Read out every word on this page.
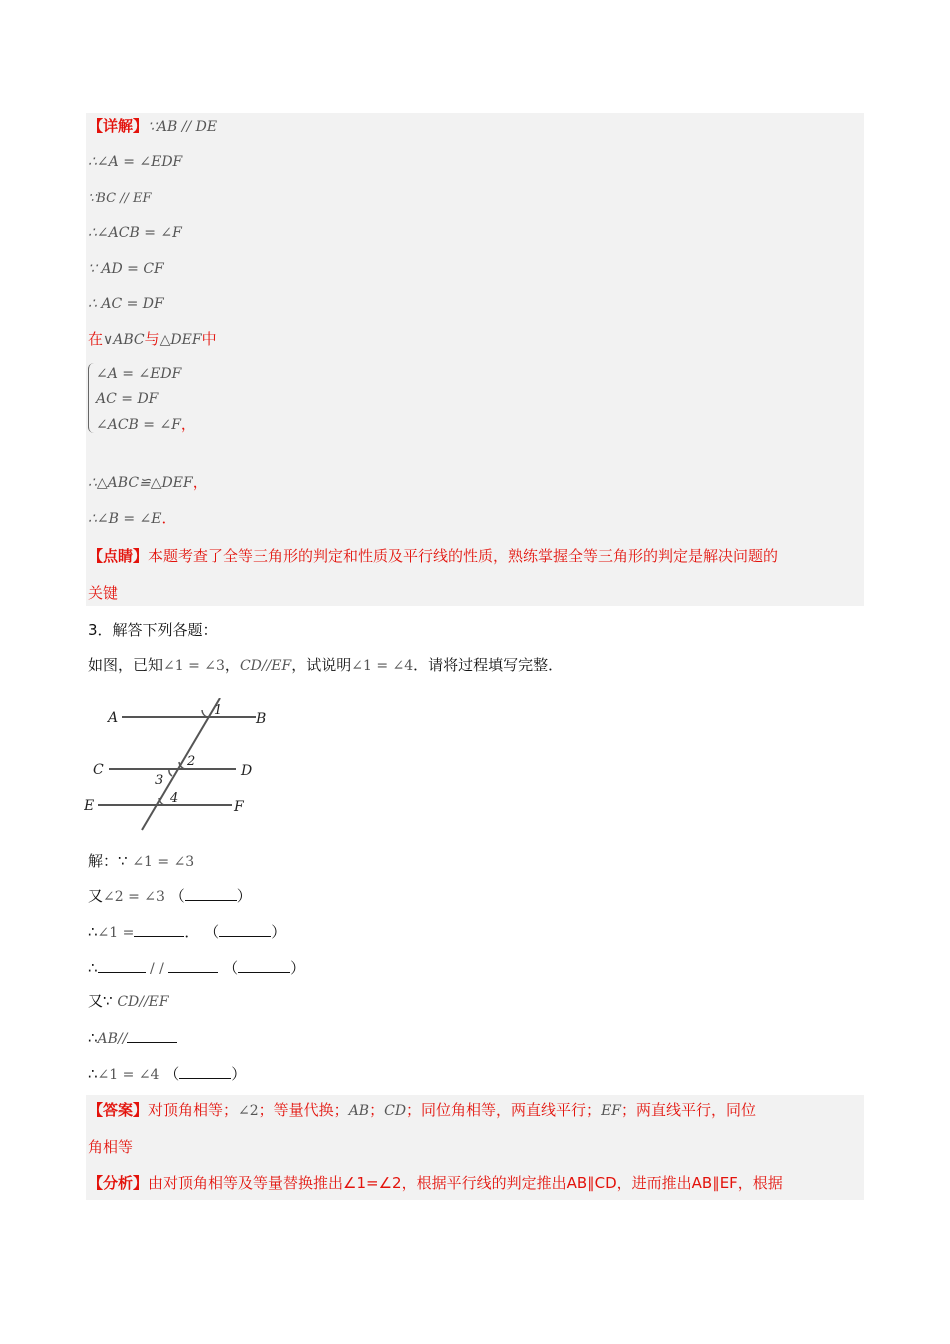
【详解】∵AB // DE
∴∠A = ∠EDF
∵BC // EF
∴∠ACB = ∠F
∵ AD = CF
∴ AC = DF
在∨ABC与△DEF中
∠A = ∠EDF
AC = DF
∠ACB = ∠F，
∴△ABC≌△DEF，
∴∠B = ∠E．
【点睛】本题考查了全等三角形的判定和性质及平行线的性质，熟练掌握全等三角形的判定是解决问题的
关键
3．解答下列各题：
如图，已知∠1 = ∠3，CD//EF，试说明∠1 = ∠4．请将过程填写完整．
A	B
C	D
E	F
1
2
3
4
解：∵ ∠1 = ∠3
又∠2 = ∠3 （	）
∴∠1 =	． （	）
∴	/ /	（	）
又∵ CD//EF
∴AB//
∴∠1 = ∠4 （	）
【答案】对顶角相等；∠2；等量代换；AB；CD；同位角相等，两直线平行；EF；两直线平行，同位
角相等
【分析】由对顶角相等及等量替换推出∠1=∠2，根据平行线的判定推出AB∥CD，进而推出AB∥EF，根据
